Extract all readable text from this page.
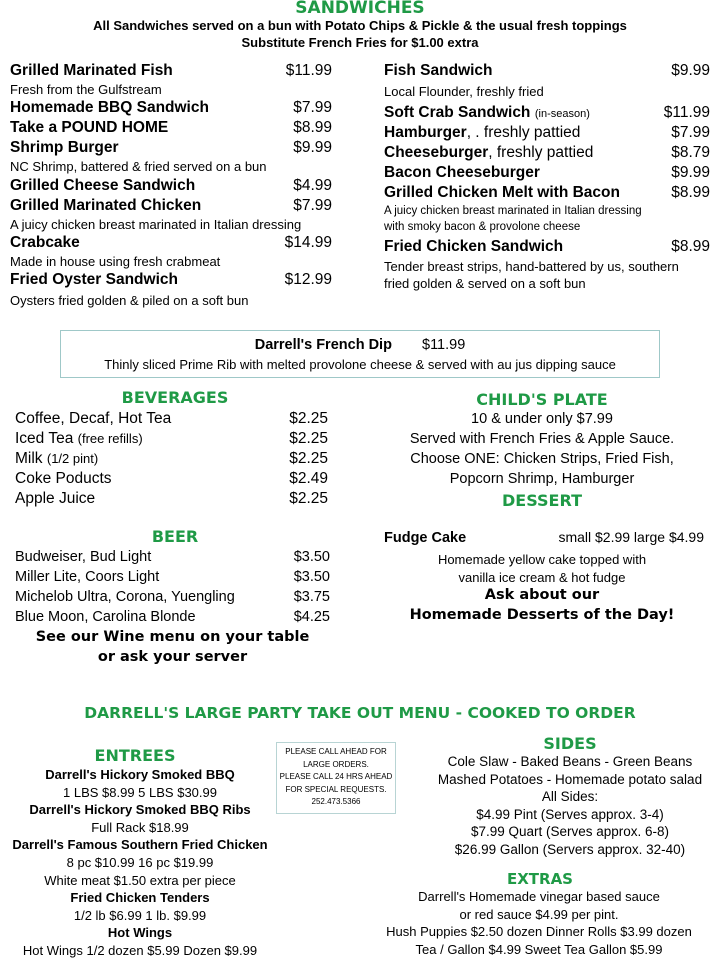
SANDWICHES
All Sandwiches served on a bun with Potato Chips & Pickle & the usual fresh toppings
Substitute French Fries for $1.00 extra
Grilled Marinated Fish	$11.99
Fresh from the Gulfstream
Homemade BBQ Sandwich	$7.99
Take a POUND HOME	$8.99
Shrimp Burger	$9.99
NC Shrimp, battered & fried served on a bun
Grilled Cheese Sandwich	$4.99
Grilled Marinated Chicken	$7.99
A juicy chicken breast marinated in Italian dressing
Crabcake	$14.99
Made in house using fresh crabmeat
Fried Oyster Sandwich	$12.99
Oysters fried golden & piled on a soft bun
Fish Sandwich	$9.99
Local Flounder, freshly fried
Soft Crab Sandwich (in-season)	$11.99
Hamburger, . freshly pattied	$7.99
Cheeseburger, freshly pattied	$8.79
Bacon Cheeseburger	$9.99
Grilled Chicken Melt with Bacon	$8.99
A juicy chicken breast marinated in Italian dressing
with smoky bacon & provolone cheese
Fried Chicken Sandwich	$8.99
Tender breast strips, hand-battered by us, southern
fried golden & served on a soft bun
Darrell's French Dip $11.99
Thinly sliced Prime Rib with melted provolone cheese & served with au jus dipping sauce
BEVERAGES
Coffee, Decaf, Hot Tea	$2.25
Iced Tea (free refills)	$2.25
Milk (1/2 pint)	$2.25
Coke Poducts	$2.49
Apple Juice	$2.25
BEER
Budweiser, Bud Light	$3.50
Miller Lite, Coors Light	$3.50
Michelob Ultra, Corona, Yuengling	$3.75
Blue Moon, Carolina Blonde	$4.25
See our Wine menu on your table
or ask your server
CHILD'S PLATE
10 & under only $7.99
Served with French Fries & Apple Sauce.
Choose ONE: Chicken Strips, Fried Fish,
Popcorn Shrimp, Hamburger
DESSERT
Fudge Cake	small $2.99 large $4.99
Homemade yellow cake topped with
vanilla ice cream & hot fudge
Ask about our
Homemade Desserts of the Day!
DARRELL'S LARGE PARTY TAKE OUT MENU - COOKED TO ORDER
ENTREES
Darrell's Hickory Smoked BBQ
1 LBS $8.99 5 LBS $30.99
Darrell's Hickory Smoked BBQ Ribs
Full Rack $18.99
Darrell's Famous Southern Fried Chicken
8 pc $10.99 16 pc $19.99
White meat $1.50 extra per piece
Fried Chicken Tenders
1/2 lb $6.99 1 lb. $9.99
Hot Wings
Hot Wings 1/2 dozen $5.99 Dozen $9.99
PLEASE CALL AHEAD FOR
LARGE ORDERS.
PLEASE CALL 24 HRS AHEAD
FOR SPECIAL REQUESTS.
252.473.5366
SIDES
Cole Slaw - Baked Beans - Green Beans
Mashed Potatoes - Homemade potato salad
All Sides:
$4.99 Pint (Serves approx. 3-4)
$7.99 Quart (Serves approx. 6-8)
$26.99 Gallon (Servers approx. 32-40)
EXTRAS
Darrell's Homemade vinegar based sauce
or red sauce $4.99 per pint.
Hush Puppies $2.50 dozen Dinner Rolls $3.99 dozen
Tea / Gallon $4.99 Sweet Tea Gallon $5.99
